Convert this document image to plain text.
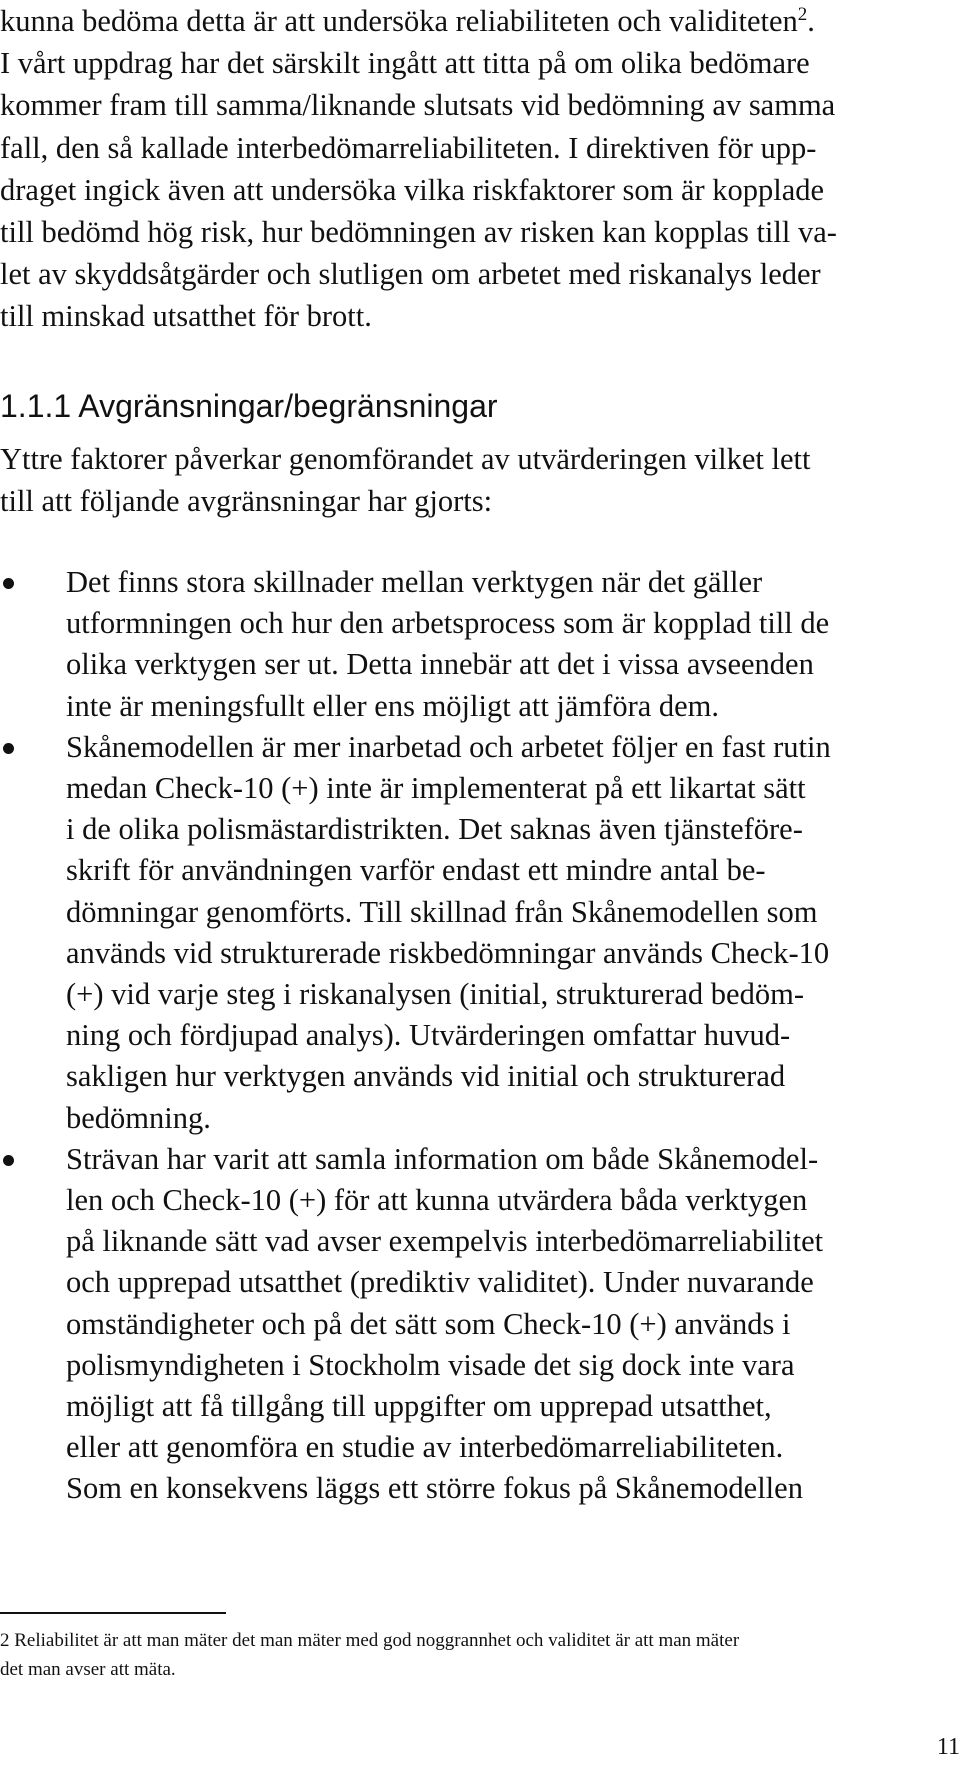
kunna bedöma detta är att undersöka reliabiliteten och validiteten$^2$.
I vårt uppdrag har det särskilt ingått att titta på om olika bedömare
kommer fram till samma/liknande slutsats vid bedömning av samma
fall, den så kallade interbedömarreliabiliteten. I direktiven för upp-
draget ingick även att undersöka vilka riskfaktorer som är kopplade
till bedömd hög risk, hur bedömningen av risken kan kopplas till va-
let av skyddsåtgärder och slutligen om arbetet med riskanalys leder
till minskad utsatthet för brott.
1.1.1 Avgränsningar/begränsningar
Yttre faktorer påverkar genomförandet av utvärderingen vilket lett
till att följande avgränsningar har gjorts:
Det finns stora skillnader mellan verktygen när det gäller
utformningen och hur den arbetsprocess som är kopplad till de
olika verktygen ser ut. Detta innebär att det i vissa avseenden
inte är meningsfullt eller ens möjligt att jämföra dem.
Skånemodellen är mer inarbetad och arbetet följer en fast rutin
medan Check-10 (+) inte är implementerat på ett likartat sätt
i de olika polismästardistrikten. Det saknas även tjänsteföre-
skrift för användningen varför endast ett mindre antal be-
dömningar genomförts. Till skillnad från Skånemodellen som
används vid strukturerade riskbedömningar används Check-10
(+) vid varje steg i riskanalysen (initial, strukturerad bedöm-
ning och fördjupad analys). Utvärderingen omfattar huvud-
sakligen hur verktygen används vid initial och strukturerad
bedömning.
Strävan har varit att samla information om både Skånemodel-
len och Check-10 (+) för att kunna utvärdera båda verktygen
på liknande sätt vad avser exempelvis interbedömarreliabilitet
och upprepad utsatthet (prediktiv validitet). Under nuvarande
omständigheter och på det sätt som Check-10 (+) används i
polismyndigheten i Stockholm visade det sig dock inte vara
möjligt att få tillgång till uppgifter om upprepad utsatthet,
eller att genomföra en studie av interbedömarreliabiliteten.
Som en konsekvens läggs ett större fokus på Skånemodellen
2 Reliabilitet är att man mäter det man mäter med god noggrannhet och validitet är att man mäter
det man avser att mäta.
11
